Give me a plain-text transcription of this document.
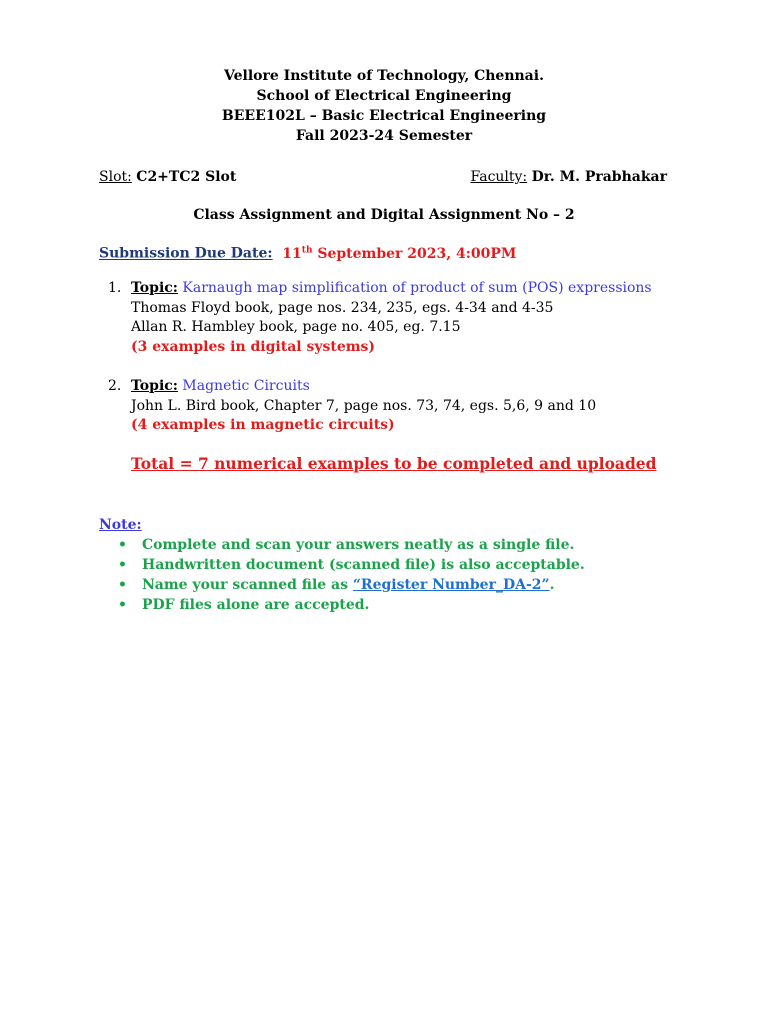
Vellore Institute of Technology, Chennai.
School of Electrical Engineering
BEEE102L – Basic Electrical Engineering
Fall 2023-24 Semester
Slot: C2+TC2 Slot	Faculty: Dr. M. Prabhakar
Class Assignment and Digital Assignment No – 2
Submission Due Date: 11th September 2023, 4:00PM
1. Topic: Karnaugh map simplification of product of sum (POS) expressions
Thomas Floyd book, page nos. 234, 235, egs. 4-34 and 4-35
Allan R. Hambley book, page no. 405, eg. 7.15
(3 examples in digital systems)
2. Topic: Magnetic Circuits
John L. Bird book, Chapter 7, page nos. 73, 74, egs. 5,6, 9 and 10
(4 examples in magnetic circuits)
Total = 7 numerical examples to be completed and uploaded
Note:
• Complete and scan your answers neatly as a single file.
• Handwritten document (scanned file) is also acceptable.
• Name your scanned file as “Register Number_DA-2”.
• PDF files alone are accepted.
